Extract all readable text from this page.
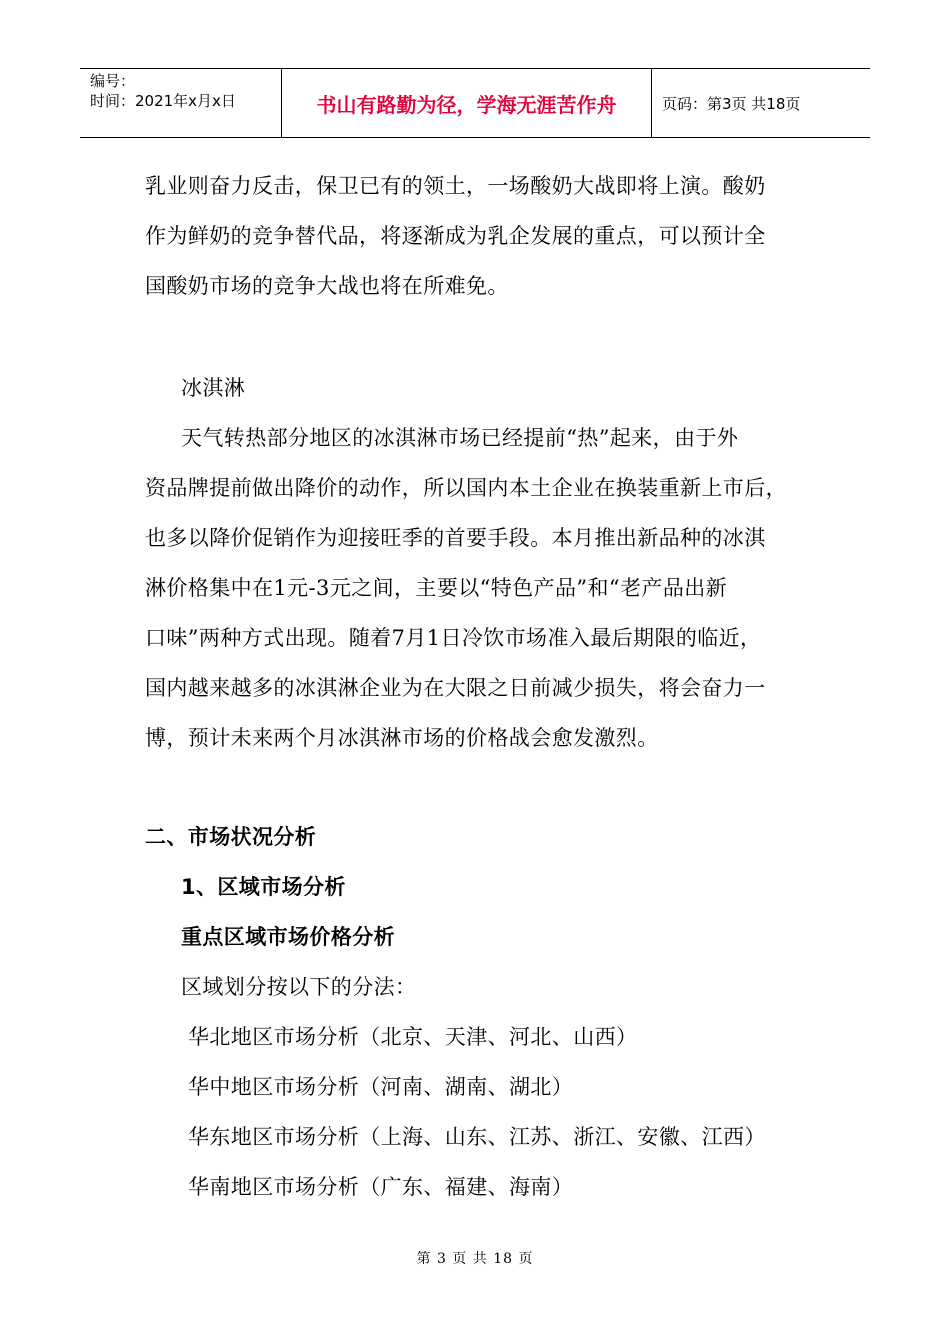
编号：
时间：2021年x月x日	书山有路勤为径，学海无涯苦作舟	页码：第3页 共18页
乳业则奋力反击，保卫已有的领土，一场酸奶大战即将上演。酸奶
作为鲜奶的竞争替代品，将逐渐成为乳企发展的重点，可以预计全
国酸奶市场的竞争大战也将在所难免。
冰淇淋
天气转热部分地区的冰淇淋市场已经提前“热”起来，由于外
资品牌提前做出降价的动作，所以国内本土企业在换装重新上市后，
也多以降价促销作为迎接旺季的首要手段。本月推出新品种的冰淇
淋价格集中在1元-3元之间，主要以“特色产品”和“老产品出新
口味”两种方式出现。随着7月1日冷饮市场准入最后期限的临近，
国内越来越多的冰淇淋企业为在大限之日前减少损失，将会奋力一
博，预计未来两个月冰淇淋市场的价格战会愈发激烈。
二、市场状况分析
1、区域市场分析
重点区域市场价格分析
区域划分按以下的分法：
华北地区市场分析（北京、天津、河北、山西）
华中地区市场分析（河南、湖南、湖北）
华东地区市场分析（上海、山东、江苏、浙江、安徽、江西）
华南地区市场分析（广东、福建、海南）
第 3 页 共 18 页
